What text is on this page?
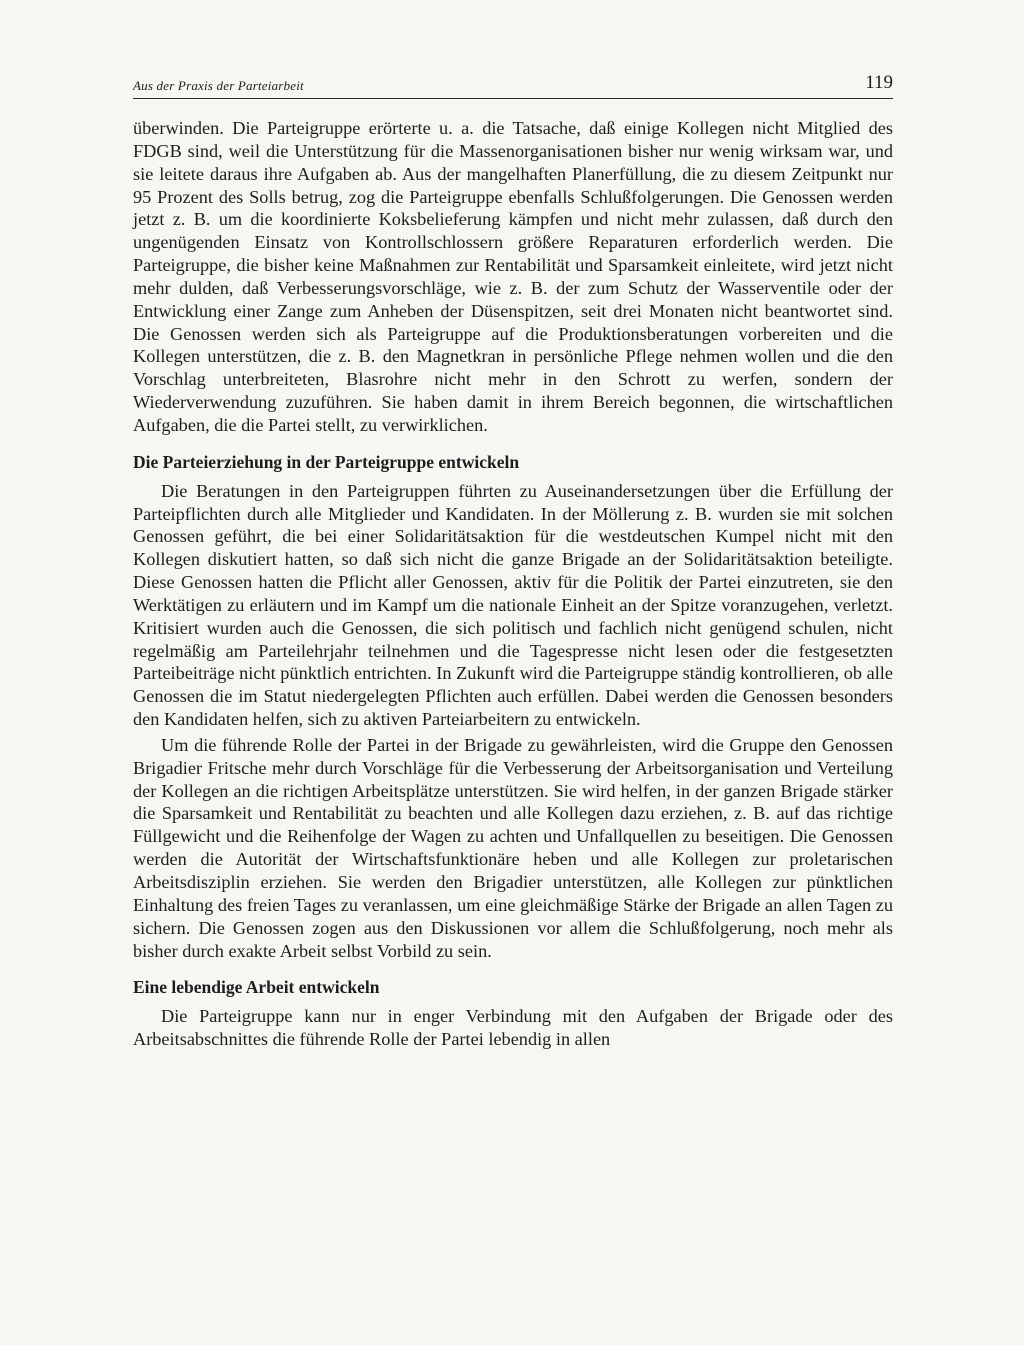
Aus der Praxis der Parteiarbeit	119

überwinden. Die Parteigruppe erörterte u. a. die Tatsache, daß einige Kollegen nicht Mitglied des FDGB sind, weil die Unterstützung für die Massenorganisationen bisher nur wenig wirksam war, und sie leitete daraus ihre Aufgaben ab. Aus der mangelhaften Planerfüllung, die zu diesem Zeitpunkt nur 95 Prozent des Solls betrug, zog die Parteigruppe ebenfalls Schlußfolgerungen. Die Genossen werden jetzt z. B. um die koordinierte Koksbelieferung kämpfen und nicht mehr zulassen, daß durch den ungenügenden Einsatz von Kontrollschlossern größere Reparaturen erforderlich werden. Die Parteigruppe, die bisher keine Maßnahmen zur Rentabilität und Sparsamkeit einleitete, wird jetzt nicht mehr dulden, daß Verbesserungsvorschläge, wie z. B. der zum Schutz der Wasserventile oder der Entwicklung einer Zange zum Anheben der Düsenspitzen, seit drei Monaten nicht beantwortet sind. Die Genossen werden sich als Parteigruppe auf die Produktionsberatungen vorbereiten und die Kollegen unterstützen, die z. B. den Magnetkran in persönliche Pflege nehmen wollen und die den Vorschlag unterbreiteten, Blasrohre nicht mehr in den Schrott zu werfen, sondern der Wiederverwendung zuzuführen. Sie haben damit in ihrem Bereich begonnen, die wirtschaftlichen Aufgaben, die die Partei stellt, zu verwirklichen.

Die Parteierziehung in der Parteigruppe entwickeln

Die Beratungen in den Parteigruppen führten zu Auseinandersetzungen über die Erfüllung der Parteipflichten durch alle Mitglieder und Kandidaten. In der Möllerung z. B. wurden sie mit solchen Genossen geführt, die bei einer Solidaritätsaktion für die westdeutschen Kumpel nicht mit den Kollegen diskutiert hatten, so daß sich nicht die ganze Brigade an der Solidaritätsaktion beteiligte. Diese Genossen hatten die Pflicht aller Genossen, aktiv für die Politik der Partei einzutreten, sie den Werktätigen zu erläutern und im Kampf um die nationale Einheit an der Spitze voranzugehen, verletzt. Kritisiert wurden auch die Genossen, die sich politisch und fachlich nicht genügend schulen, nicht regelmäßig am Parteilehrjahr teilnehmen und die Tagespresse nicht lesen oder die festgesetzten Parteibeiträge nicht pünktlich entrichten. In Zukunft wird die Parteigruppe ständig kontrollieren, ob alle Genossen die im Statut niedergelegten Pflichten auch erfüllen. Dabei werden die Genossen besonders den Kandidaten helfen, sich zu aktiven Parteiarbeitern zu entwickeln.

Um die führende Rolle der Partei in der Brigade zu gewährleisten, wird die Gruppe den Genossen Brigadier Fritsche mehr durch Vorschläge für die Verbesserung der Arbeitsorganisation und Verteilung der Kollegen an die richtigen Arbeitsplätze unterstützen. Sie wird helfen, in der ganzen Brigade stärker die Sparsamkeit und Rentabilität zu beachten und alle Kollegen dazu erziehen, z. B. auf das richtige Füllgewicht und die Reihenfolge der Wagen zu achten und Unfallquellen zu beseitigen. Die Genossen werden die Autorität der Wirtschaftsfunktionäre heben und alle Kollegen zur proletarischen Arbeitsdisziplin erziehen. Sie werden den Brigadier unterstützen, alle Kollegen zur pünktlichen Einhaltung des freien Tages zu veranlassen, um eine gleichmäßige Stärke der Brigade an allen Tagen zu sichern. Die Genossen zogen aus den Diskussionen vor allem die Schlußfolgerung, noch mehr als bisher durch exakte Arbeit selbst Vorbild zu sein.

Eine lebendige Arbeit entwickeln

Die Parteigruppe kann nur in enger Verbindung mit den Aufgaben der Brigade oder des Arbeitsabschnittes die führende Rolle der Partei lebendig in allen
